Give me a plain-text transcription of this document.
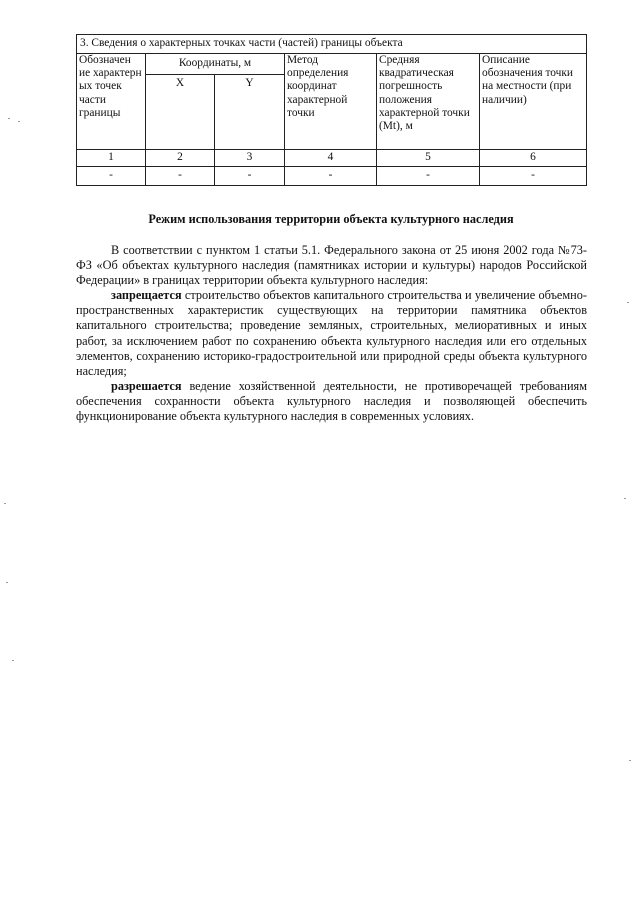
3. Сведения о характерных точках части (частей) границы объекта					
Обозначен ие характерн ых точек части границы	Координаты, м		Метод определения координат характерной точки	Средняя квадратическая погрешность положения характерной точки (Mt), м	Описание обозначения точки на местности (при наличии)
	X	Y			
1	2	3	4	5	6
-	-	-	-	-	-
Режим использования территории объекта культурного наследия

В соответствии с пунктом 1 статьи 5.1. Федерального закона от 25 июня 2002 года №73-ФЗ «Об объектах культурного наследия (памятниках истории и культуры) народов Российской Федерации» в границах территории объекта культурного наследия:

запрещается строительство объектов капитального строительства и увеличение объемно-пространственных характеристик существующих на территории памятника объектов капитального строительства; проведение земляных, строительных, мелиоративных и иных работ, за исключением работ по сохранению объекта культурного наследия или его отдельных элементов, сохранению историко-градостроительной или природной среды объекта культурного наследия;

разрешается ведение хозяйственной деятельности, не противоречащей требованиям обеспечения сохранности объекта культурного наследия и позволяющей обеспечить функционирование объекта культурного наследия в современных условиях.
